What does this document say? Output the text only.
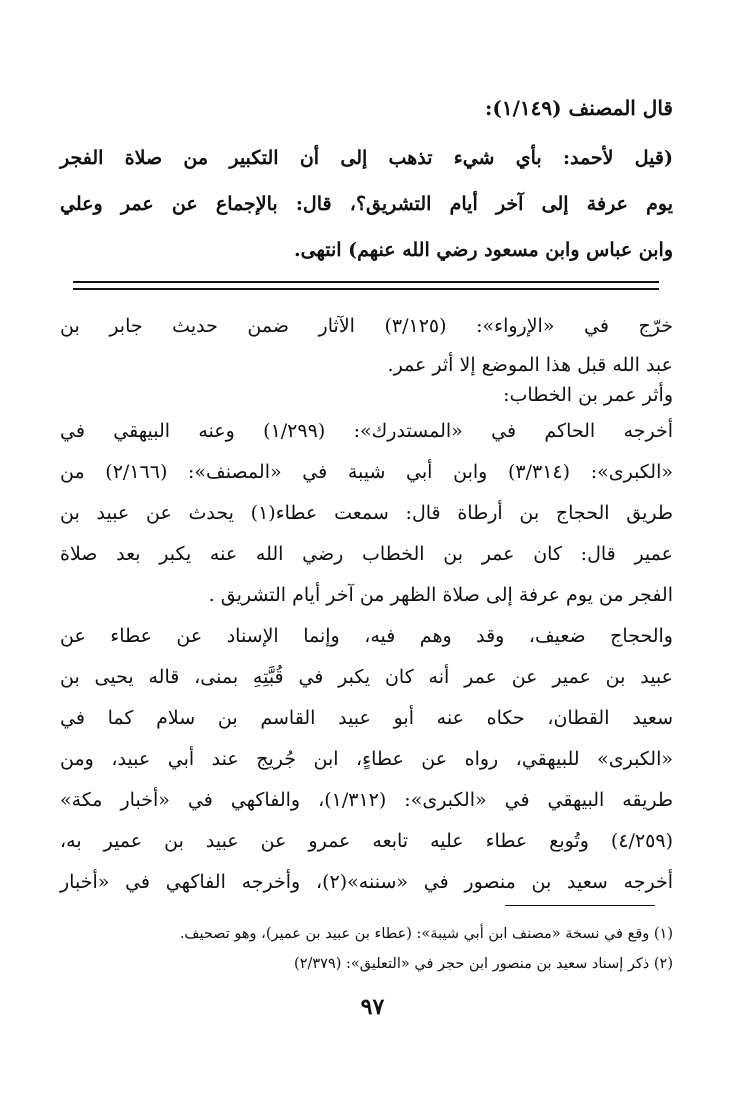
قال المصنف (١/١٤٩):
(قيل لأحمد: بأي شيء تذهب إلى أن التكبير من صلاة الفجر
يوم عرفة إلى آخر أيام التشريق؟، قال: بالإجماع عن عمر وعلي
وابن عباس وابن مسعود رضي الله عنهم) انتهى.
خرّج في «الإرواء»: (٣/١٢٥) الآثار ضمن حديث جابر بن
عبد الله قبل هذا الموضع إلا أثر عمر.
وأثر عمر بن الخطاب:
أخرجه الحاكم في «المستدرك»: (١/٢٩٩) وعنه البيهقي في
«الكبرى»: (٣/٣١٤) وابن أبي شيبة في «المصنف»: (٢/١٦٦) من
طريق الحجاج بن أرطاة قال: سمعت عطاء(١) يحدث عن عبيد بن
عمير قال: كان عمر بن الخطاب رضي الله عنه يكبر بعد صلاة
الفجر من يوم عرفة إلى صلاة الظهر من آخر أيام التشريق .
والحجاج ضعيف، وقد وهم فيه، وإنما الإسناد عن عطاء عن
عبيد بن عمير عن عمر أنه كان يكبر في قُبَّتِهِ بمنى، قاله يحيى بن
سعيد القطان، حكاه عنه أبو عبيد القاسم بن سلام كما في
«الكبرى» للبيهقي، رواه عن عطاءٍ، ابن جُريج عند أبي عبيد، ومن
طريقه البيهقي في «الكبرى»: (١/٣١٢)، والفاكهي في «أخبار مكة»
(٤/٢٥٩) وتُوبع عطاء عليه تابعه عمرو عن عبيد بن عمير به،
أخرجه سعيد بن منصور في «سننه»(٢)، وأخرجه الفاكهي في «أخبار
(١) وقع في نسخة «مصنف ابن أبي شيبة»: (عطاء بن عبيد بن عمير)، وهو تصحيف.
(٢) ذكر إسناد سعيد بن منصور ابن حجر في «التعليق»: (٢/٣٧٩)
٩٧
